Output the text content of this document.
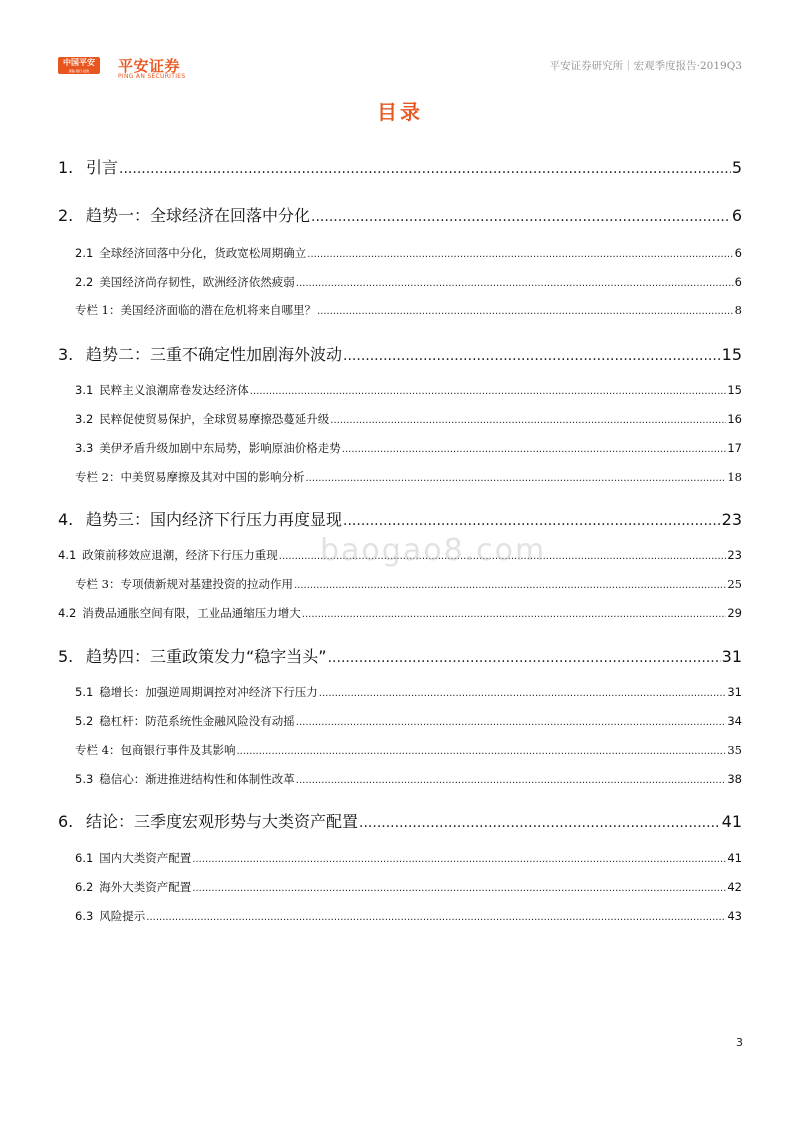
中国平安
保险·银行·投资	平安证券
PING AN SECURITIES
平安证券研究所｜宏观季度报告·2019Q3
目录
1. 引言 .....	5
2. 趋势一：全球经济在回落中分化 .....	6
2.1 全球经济回落中分化，货政宽松周期确立 .....	6
2.2 美国经济尚存韧性，欧洲经济依然疲弱 .....	6
专栏 1：美国经济面临的潜在危机将来自哪里？ .....	8
3. 趋势二：三重不确定性加剧海外波动 .....	15
3.1 民粹主义浪潮席卷发达经济体 .....	15
3.2 民粹促使贸易保护，全球贸易摩擦恐蔓延升级 .....	16
3.3 美伊矛盾升级加剧中东局势，影响原油价格走势 .....	17
专栏 2：中美贸易摩擦及其对中国的影响分析 .....	18
4. 趋势三：国内经济下行压力再度显现 .....	23
4.1 政策前移效应退潮，经济下行压力重现 .....	23
专栏 3：专项债新规对基建投资的拉动作用 .....	25
4.2 消费品通胀空间有限，工业品通缩压力增大 .....	29
5. 趋势四：三重政策发力“稳字当头” .....	31
5.1 稳增长：加强逆周期调控对冲经济下行压力 .....	31
5.2 稳杠杆：防范系统性金融风险没有动摇 .....	34
专栏 4：包商银行事件及其影响 .....	35
5.3 稳信心：渐进推进结构性和体制性改革 .....	38
6. 结论：三季度宏观形势与大类资产配置 .....	41
6.1 国内大类资产配置 .....	41
6.2 海外大类资产配置 .....	42
6.3 风险提示 .....	43
baogao8.com
3
